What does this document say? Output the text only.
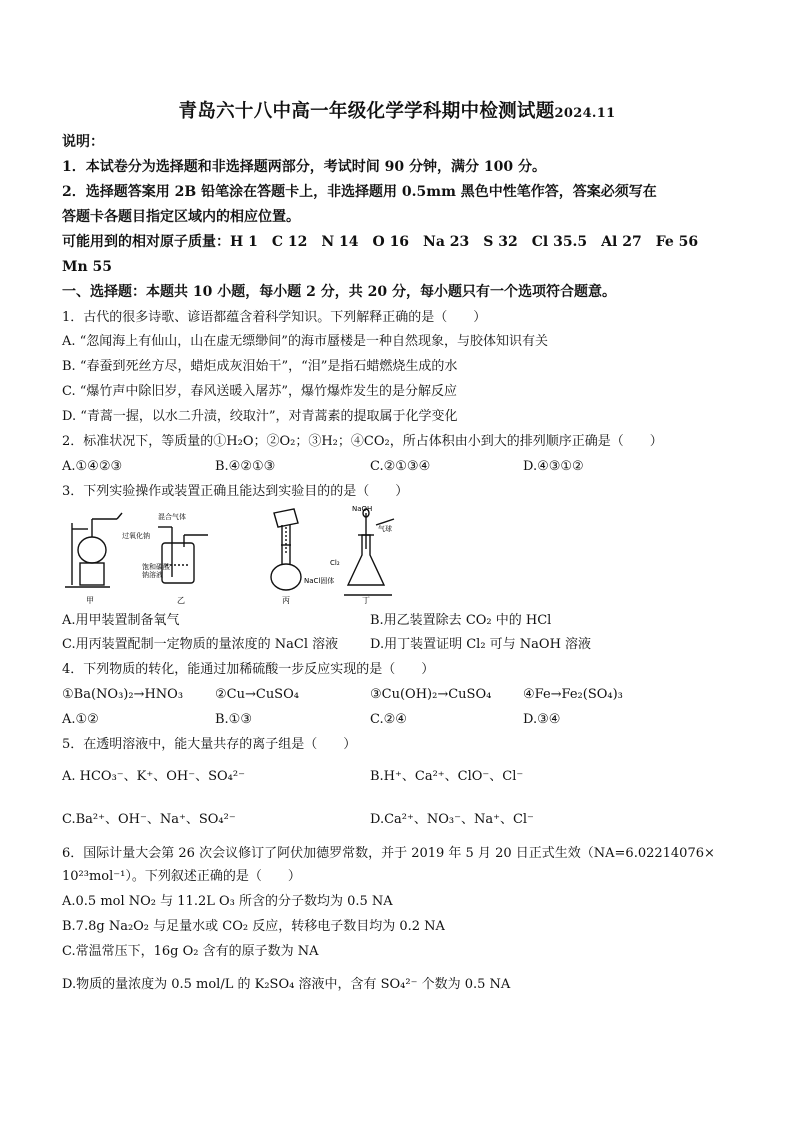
青岛六十八中高一年级化学学科期中检测试题2024.11
说明：
1．本试卷分为选择题和非选择题两部分，考试时间 90 分钟，满分 100 分。
2．选择题答案用 2B 铅笔涂在答题卡上，非选择题用 0.5mm 黑色中性笔作答，答案必须写在
答题卡各题目指定区域内的相应位置。
可能用到的相对原子质量：H 1　C 12　N 14　O 16　Na 23　S 32　Cl 35.5　Al 27　Fe 56
Mn 55
一、选择题：本题共 10 小题，每小题 2 分，共 20 分，每小题只有一个选项符合题意。
1．古代的很多诗歌、谚语都蕴含着科学知识。下列解释正确的是（　　）
A. “忽闻海上有仙山，山在虚无缥缈间”的海市蜃楼是一种自然现象，与胶体知识有关
B. “春蚕到死丝方尽，蜡炬成灰泪始干”，“泪”是指石蜡燃烧生成的水
C. “爆竹声中除旧岁，春风送暖入屠苏”，爆竹爆炸发生的是分解反应
D. “青蒿一握，以水二升渍，绞取汁”，对青蒿素的提取属于化学变化
2．标准状况下，等质量的①H₂O；②O₂；③H₂；④CO₂，所占体积由小到大的排列顺序正确是（　　）
A.①④②③	B.④②①③	C.②①③④	D.④③①②
3．下列实验操作或装置正确且能达到实验目的的是（　　）
过氧化钠
混合气体
饱和碳酸
钠溶液
NaCl固体
NaOH
气球
Cl₂
甲	乙	丙	丁
A.用甲装置制备氧气	B.用乙装置除去 CO₂ 中的 HCl
C.用丙装置配制一定物质的量浓度的 NaCl 溶液 D.用丁装置证明 Cl₂ 可与 NaOH 溶液
4．下列物质的转化，能通过加稀硫酸一步反应实现的是（　　）
①Ba(NO₃)₂→HNO₃ ②Cu→CuSO₄	③Cu(OH)₂→CuSO₄ ④Fe→Fe₂(SO₄)₃
A.①②	B.①③	C.②④	D.③④
5．在透明溶液中，能大量共存的离子组是（　　）
A. HCO₃⁻、K⁺、OH⁻、SO₄²⁻	B.H⁺、Ca²⁺、ClO⁻、Cl⁻
C.Ba²⁺、OH⁻、Na⁺、SO₄²⁻	D.Ca²⁺、NO₃⁻、Na⁺、Cl⁻
6．国际计量大会第 26 次会议修订了阿伏加德罗常数，并于 2019 年 5 月 20 日正式生效（NA=6.02214076×
10²³mol⁻¹）。下列叙述正确的是（　　）
A.0.5 mol NO₂ 与 11.2L O₃ 所含的分子数均为 0.5 NA
B.7.8g Na₂O₂ 与足量水或 CO₂ 反应，转移电子数目均为 0.2 NA
C.常温常压下，16g O₂ 含有的原子数为 NA
D.物质的量浓度为 0.5 mol/L 的 K₂SO₄ 溶液中，含有 SO₄²⁻ 个数为 0.5 NA
